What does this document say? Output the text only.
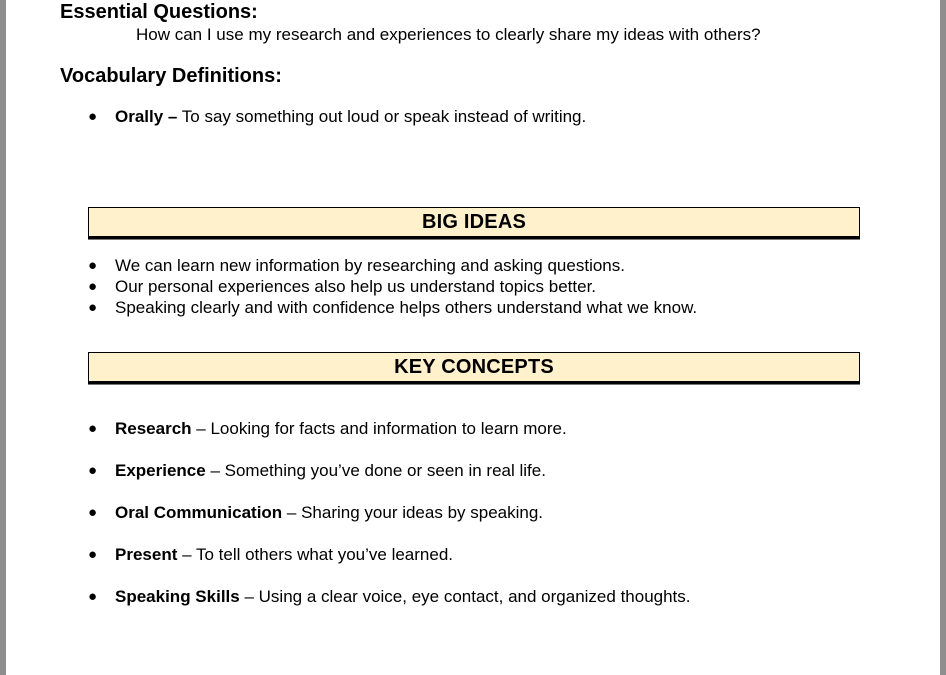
Essential Questions:
How can I use my research and experiences to clearly share my ideas with others?
Vocabulary Definitions:
● Orally – To say something out loud or speak instead of writing.
BIG IDEAS
● We can learn new information by researching and asking questions.
● Our personal experiences also help us understand topics better.
● Speaking clearly and with confidence helps others understand what we know.
KEY CONCEPTS
● Research – Looking for facts and information to learn more.
● Experience – Something you’ve done or seen in real life.
● Oral Communication – Sharing your ideas by speaking.
● Present – To tell others what you’ve learned.
● Speaking Skills – Using a clear voice, eye contact, and organized thoughts.
